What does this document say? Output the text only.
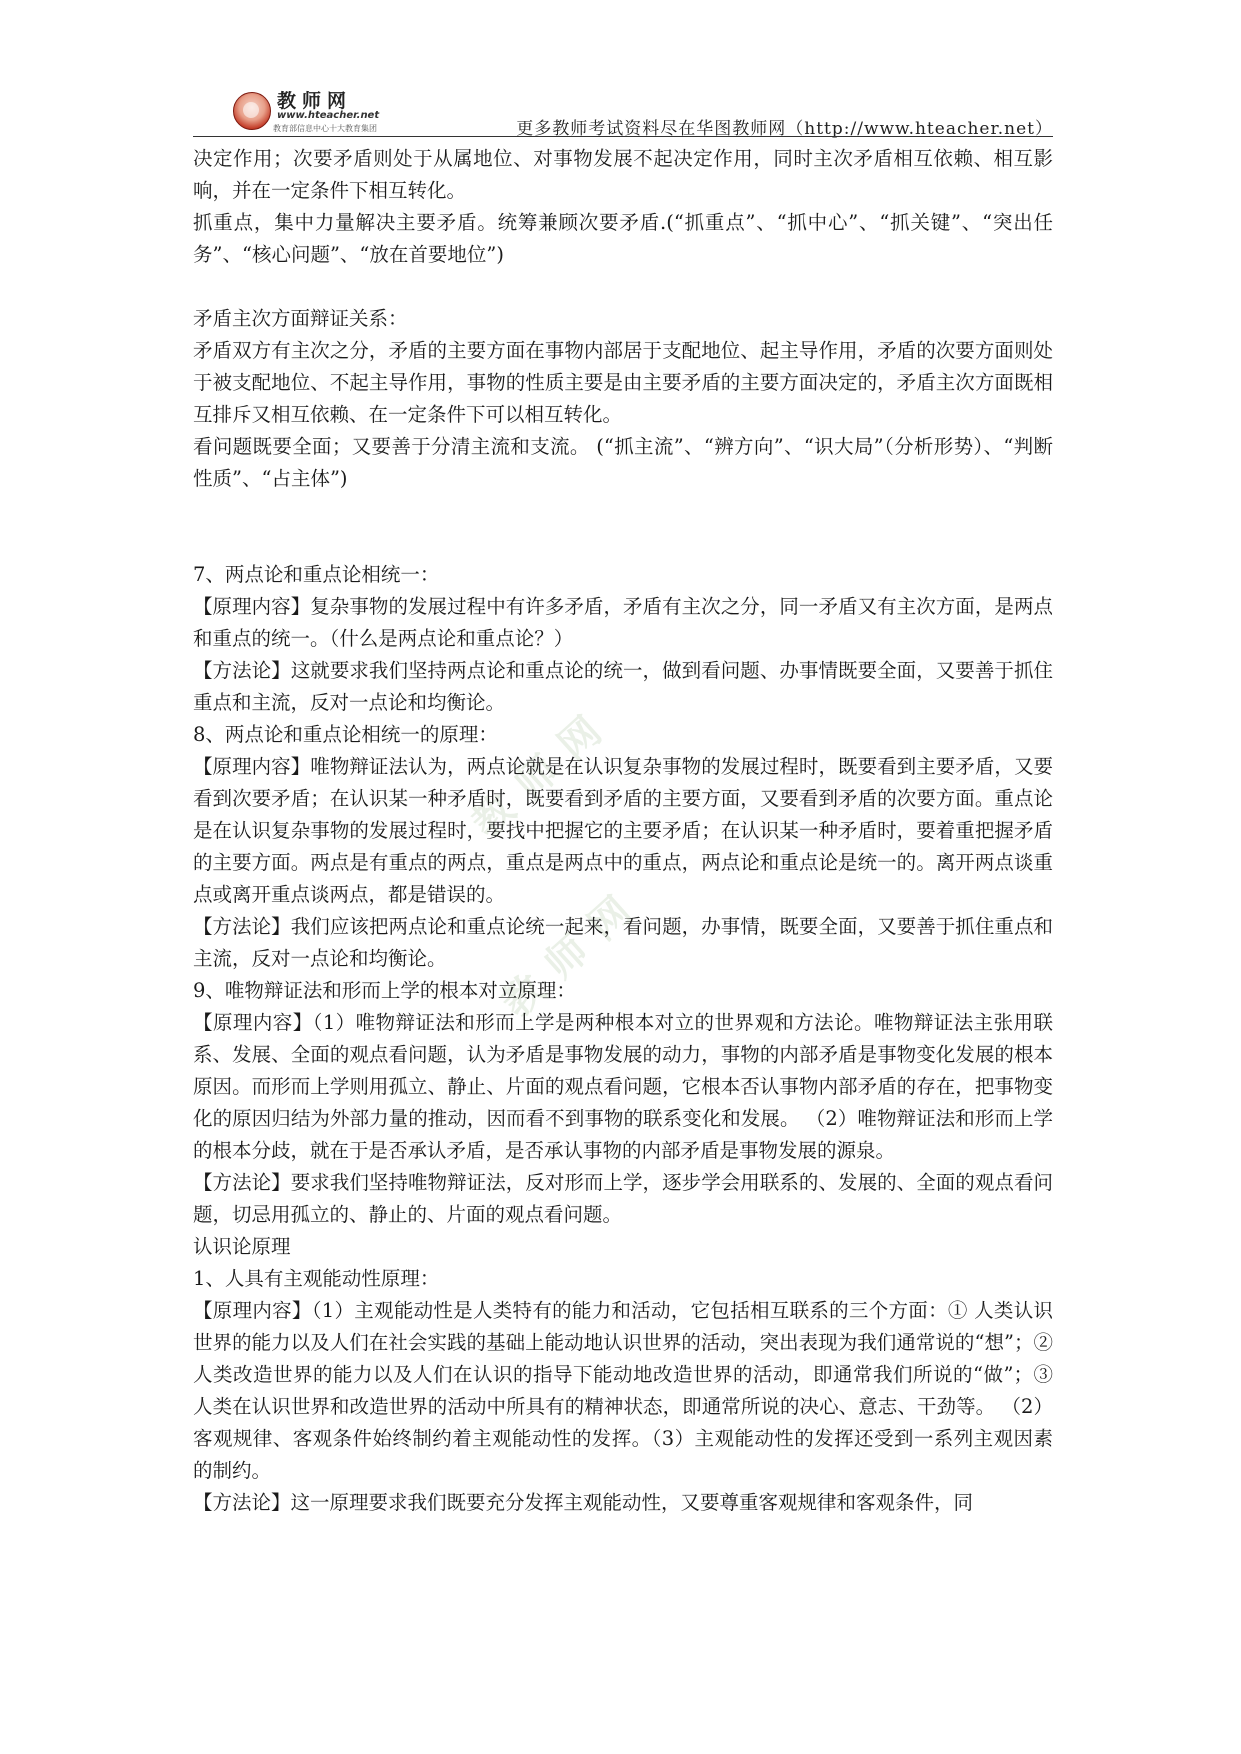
教师网
www.hteacher.net
教育部信息中心十大教育集团	更多教师考试资料尽在华图教师网（http://www.hteacher.net）
教师网
教师网

决定作用；次要矛盾则处于从属地位、对事物发展不起决定作用，同时主次矛盾相互依赖、相互影响，并在一定条件下相互转化。

抓重点，集中力量解决主要矛盾。统筹兼顾次要矛盾.(“抓重点”、“抓中心”、“抓关键”、“突出任务”、“核心问题”、“放在首要地位”)

矛盾主次方面辩证关系：

矛盾双方有主次之分，矛盾的主要方面在事物内部居于支配地位、起主导作用，矛盾的次要方面则处于被支配地位、不起主导作用，事物的性质主要是由主要矛盾的主要方面决定的，矛盾主次方面既相互排斥又相互依赖、在一定条件下可以相互转化。

看问题既要全面；又要善于分清主流和支流。 (“抓主流”、“辨方向”、“识大局”（分析形势）、“判断性质”、“占主体”)

7、两点论和重点论相统一：

【原理内容】复杂事物的发展过程中有许多矛盾，矛盾有主次之分，同一矛盾又有主次方面，是两点和重点的统一。（什么是两点论和重点论？）

【方法论】这就要求我们坚持两点论和重点论的统一，做到看问题、办事情既要全面，又要善于抓住重点和主流，反对一点论和均衡论。

8、两点论和重点论相统一的原理：

【原理内容】唯物辩证法认为，两点论就是在认识复杂事物的发展过程时，既要看到主要矛盾，又要看到次要矛盾；在认识某一种矛盾时，既要看到矛盾的主要方面，又要看到矛盾的次要方面。重点论是在认识复杂事物的发展过程时，要找中把握它的主要矛盾；在认识某一种矛盾时，要着重把握矛盾的主要方面。两点是有重点的两点，重点是两点中的重点，两点论和重点论是统一的。离开两点谈重点或离开重点谈两点，都是错误的。

【方法论】我们应该把两点论和重点论统一起来，看问题，办事情，既要全面，又要善于抓住重点和主流，反对一点论和均衡论。

9、唯物辩证法和形而上学的根本对立原理：

【原理内容】（1）唯物辩证法和形而上学是两种根本对立的世界观和方法论。唯物辩证法主张用联系、发展、全面的观点看问题，认为矛盾是事物发展的动力，事物的内部矛盾是事物变化发展的根本原因。而形而上学则用孤立、静止、片面的观点看问题，它根本否认事物内部矛盾的存在，把事物变化的原因归结为外部力量的推动，因而看不到事物的联系变化和发展。 （2）唯物辩证法和形而上学的根本分歧，就在于是否承认矛盾，是否承认事物的内部矛盾是事物发展的源泉。

【方法论】要求我们坚持唯物辩证法，反对形而上学，逐步学会用联系的、发展的、全面的观点看问题，切忌用孤立的、静止的、片面的观点看问题。

认识论原理

1、人具有主观能动性原理：

【原理内容】（1）主观能动性是人类特有的能力和活动，它包括相互联系的三个方面：① 人类认识世界的能力以及人们在社会实践的基础上能动地认识世界的活动，突出表现为我们通常说的“想”；② 人类改造世界的能力以及人们在认识的指导下能动地改造世界的活动，即通常我们所说的“做”；③ 人类在认识世界和改造世界的活动中所具有的精神状态，即通常所说的决心、意志、干劲等。 （2）客观规律、客观条件始终制约着主观能动性的发挥。（3）主观能动性的发挥还受到一系列主观因素的制约。

【方法论】这一原理要求我们既要充分发挥主观能动性，又要尊重客观规律和客观条件，同
